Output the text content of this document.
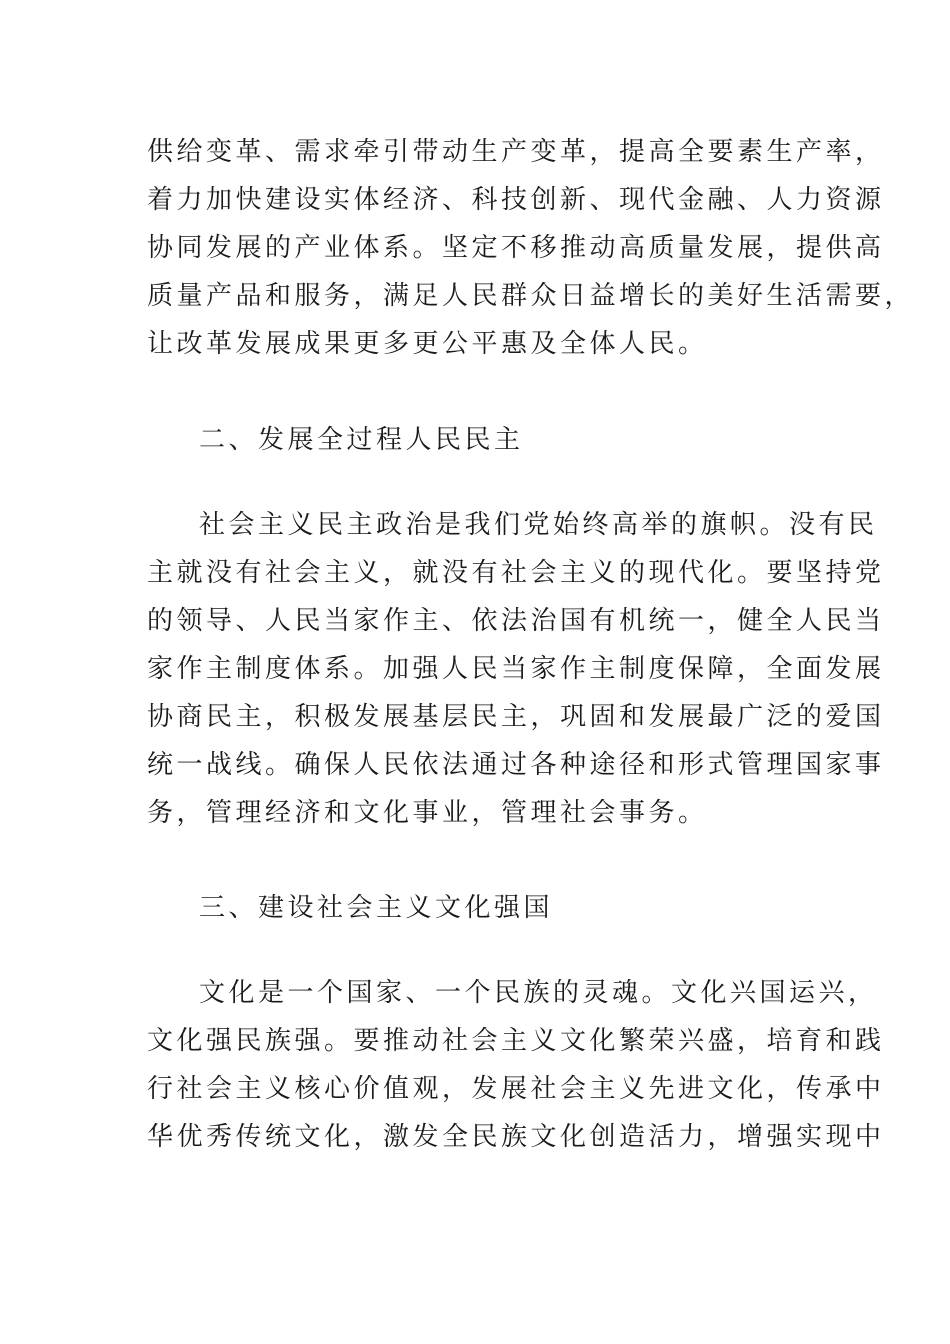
供给变革、需求牵引带动生产变革，提高全要素生产率，

着力加快建设实体经济、科技创新、现代金融、人力资源

协同发展的产业体系。坚定不移推动高质量发展，提供高

质量产品和服务，满足人民群众日益增长的美好生活需要，

让改革发展成果更多更公平惠及全体人民。

二、发展全过程人民民主

社会主义民主政治是我们党始终高举的旗帜。没有民

主就没有社会主义，就没有社会主义的现代化。要坚持党

的领导、人民当家作主、依法治国有机统一，健全人民当

家作主制度体系。加强人民当家作主制度保障，全面发展

协商民主，积极发展基层民主，巩固和发展最广泛的爱国

统一战线。确保人民依法通过各种途径和形式管理国家事

务，管理经济和文化事业，管理社会事务。

三、建设社会主义文化强国

文化是一个国家、一个民族的灵魂。文化兴国运兴，

文化强民族强。要推动社会主义文化繁荣兴盛，培育和践

行社会主义核心价值观，发展社会主义先进文化，传承中

华优秀传统文化，激发全民族文化创造活力，增强实现中
